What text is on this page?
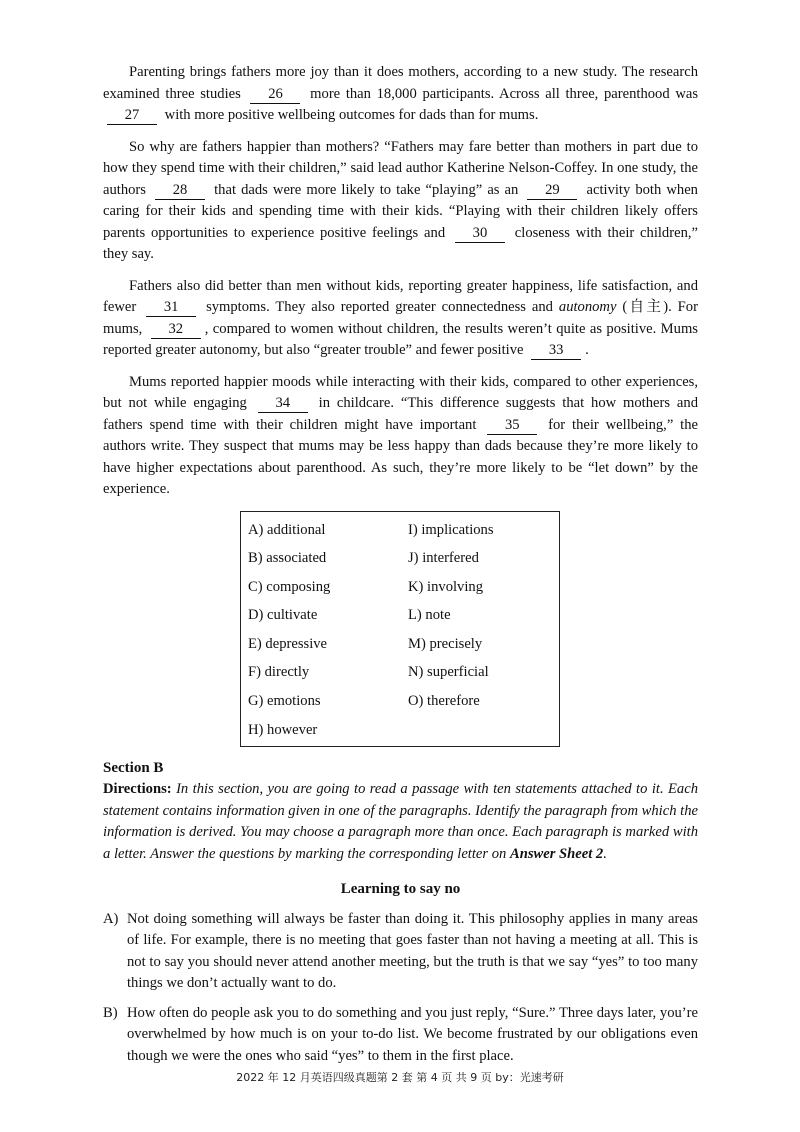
Parenting brings fathers more joy than it does mothers, according to a new study. The research examined three studies 26 more than 18,000 participants. Across all three, parenthood was 27 with more positive wellbeing outcomes for dads than for mums.

So why are fathers happier than mothers? “Fathers may fare better than mothers in part due to how they spend time with their children,” said lead author Katherine Nelson-Coffey. In one study, the authors 28 that dads were more likely to take “playing” as an 29 activity both when caring for their kids and spending time with their kids. “Playing with their children likely offers parents opportunities to experience positive feelings and 30 closeness with their children,” they say.

Fathers also did better than men without kids, reporting greater happiness, life satisfaction, and fewer 31 symptoms. They also reported greater connectedness and autonomy (自主). For mums, 32 , compared to women without children, the results weren’t quite as positive. Mums reported greater autonomy, but also “greater trouble” and fewer positive 33 .

Mums reported happier moods while interacting with their kids, compared to other experiences, but not while engaging 34 in childcare. “This difference suggests that how mothers and fathers spend time with their children might have important 35 for their wellbeing,” the authors write. They suspect that mums may be less happy than dads because they’re more likely to have higher expectations about parenthood. As such, they’re more likely to be “let down” by the experience.

A) additional	I) implications
B) associated	J) interfered
C) composing	K) involving
D) cultivate	L) note
E) depressive	M) precisely
F) directly	N) superficial
G) emotions	O) therefore
H) however
Section B

Directions: In this section, you are going to read a passage with ten statements attached to it. Each statement contains information given in one of the paragraphs. Identify the paragraph from which the information is derived. You may choose a paragraph more than once. Each paragraph is marked with a letter. Answer the questions by marking the corresponding letter on Answer Sheet 2.

Learning to say no
A) Not doing something will always be faster than doing it. This philosophy applies in many areas of life. For example, there is no meeting that goes faster than not having a meeting at all. This is not to say you should never attend another meeting, but the truth is that we say “yes” to too many things we don’t actually want to do.
B) How often do people ask you to do something and you just reply, “Sure.” Three days later, you’re overwhelmed by how much is on your to-do list. We become frustrated by our obligations even though we were the ones who said “yes” to them in the first place.
2022 年 12 月英语四级真题第 2 套 第 4 页 共 9 页 by：光速考研
